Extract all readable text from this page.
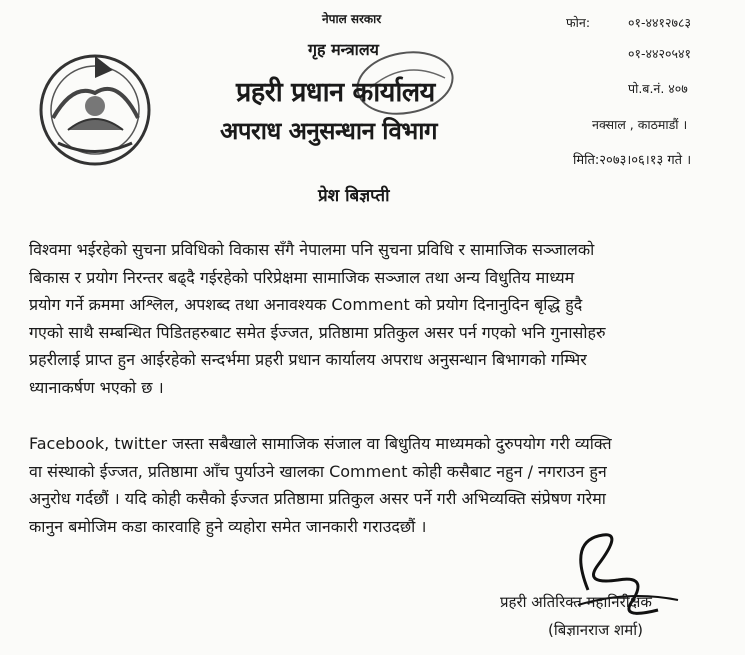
नेपाल सरकार
गृह मन्त्रालय
प्रहरी प्रधान कार्यालय
अपराध अनुसन्धान विभाग
फोन:	०१-४४१२७८३
०१-४४२०५४१
पो.ब.नं. ४०७
नक्साल , काठमाडौं ।
मिति:२०७३।०६।१३ गते ।
प्रेश बिज्ञप्ती
विश्वमा भईरहेको सुचना प्रविधिको विकास सँगै नेपालमा पनि सुचना प्रविधि र सामाजिक सञ्जालको
बिकास र प्रयोग निरन्तर बढ्दै गईरहेको परिप्रेक्षमा सामाजिक सञ्जाल तथा अन्य विधुतिय माध्यम
प्रयोग गर्ने क्रममा अश्लिल, अपशब्द तथा अनावश्यक Comment को प्रयोग दिनानुदिन बृद्धि हुदै
गएको साथै सम्बन्धित पिडितहरुबाट समेत ईज्जत, प्रतिष्ठामा प्रतिकुल असर पर्न गएको भनि गुनासोहरु
प्रहरीलाई प्राप्त हुन आईरहेको सन्दर्भमा प्रहरी प्रधान कार्यालय अपराध अनुसन्धान बिभागको गम्भिर
ध्यानाकर्षण भएको छ ।
Facebook, twitter जस्ता सबैखाले सामाजिक संजाल वा बिधुतिय माध्यमको दुरुपयोग गरी व्यक्ति
वा संस्थाको ईज्जत, प्रतिष्ठामा आँच पुर्याउने खालका Comment कोही कसैबाट नहुन / नगराउन हुन
अनुरोध गर्दछौं । यदि कोही कसैको ईज्जत प्रतिष्ठामा प्रतिकुल असर पर्ने गरी अभिव्यक्ति संप्रेषण गरेमा
कानुन बमोजिम कडा कारवाहि हुने व्यहोरा समेत जानकारी गराउदछौं ।
प्रहरी अतिरिक्त महानिरीक्षक
(बिज्ञानराज शर्मा)
